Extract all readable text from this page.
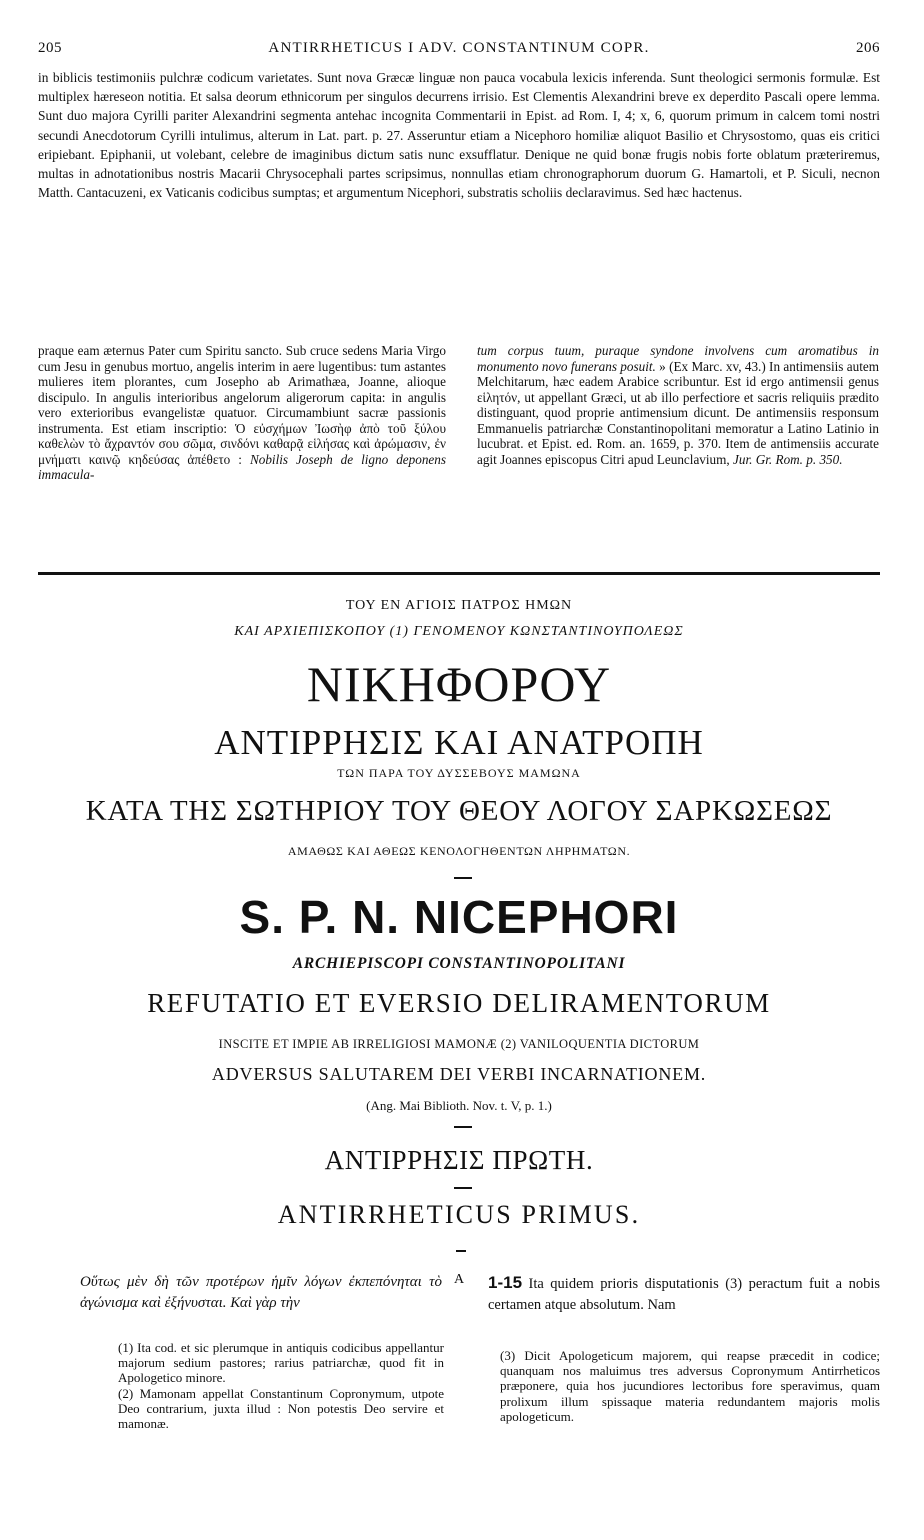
205	ANTIRRHETICUS I ADV. CONSTANTINUM COPR.	206

in biblicis testimoniis pulchræ codicum varietates. Sunt nova Græcæ linguæ non pauca vocabula lexicis inferenda. Sunt theologici sermonis formulæ. Est multiplex hæreseon notitia. Et salsa deorum ethnicorum per singulos decurrens irrisio. Est Clementis Alexandrini breve ex deperdito Pascali opere lemma. Sunt duo majora Cyrilli pariter Alexandrini segmenta antehac incognita Commentarii in Epist. ad Rom. I, 4; x, 6, quorum primum in calcem tomi nostri secundi Anecdotorum Cyrilli intulimus, alterum in Lat. part. p. 27. Asseruntur etiam a Nicephoro homiliæ aliquot Basilio et Chrysostomo, quas eis critici eripiebant. Epiphanii, ut volebant, celebre de imaginibus dictum satis nunc exsufflatur. Denique ne quid bonæ frugis nobis forte oblatum præteriremus, multas in adnotationibus nostris Macarii Chrysocephali partes scripsimus, nonnullas etiam chronographorum duorum G. Hamartoli, et P. Siculi, necnon Matth. Cantacuzeni, ex Vaticanis codicibus sumptas; et argumentum Nicephori, substratis scholiis declaravimus. Sed hæc hactenus.

praque eam æternus Pater cum Spiritu sancto. Sub cruce sedens Maria Virgo cum Jesu in genubus mortuo, angelis interim in aere lugentibus: tum astantes mulieres item plorantes, cum Josepho ab Arimathæa, Joanne, alioque discipulo. In angulis interioribus angelorum aligerorum capita: in angulis vero exterioribus evangelistæ quatuor. Circumambiunt sacræ passionis instrumenta. Est etiam inscriptio: Ὁ εὐσχήμων Ἰωσὴφ ἀπὸ τοῦ ξύλου καθελὼν τὸ ἄχραντόν σου σῶμα, σινδόνι καθαρᾷ εἱλήσας καὶ ἀρώμασιν, ἐν μνήματι καινῷ κηδεύσας ἀπέθετο : Nobilis Joseph de ligno deponens immacula-

tum corpus tuum, puraque syndone involvens cum aromatibus in monumento novo funerans posuit. » (Ex Marc. xv, 43.) In antimensiis autem Melchitarum, hæc eadem Arabice scribuntur. Est id ergo antimensii genus εἱλητόν, ut appellant Græci, ut ab illo perfectiore et sacris reliquiis prædito distinguant, quod proprie antimensium dicunt. De antimensiis responsum Emmanuelis patriarchæ Constantinopolitani memoratur a Latino Latinio in lucubrat. et Epist. ed. Rom. an. 1659, p. 370. Item de antimensiis accurate agit Joannes episcopus Citri apud Leunclavium, Jur. Gr. Rom. p. 350.

ΤΟΥ ΕΝ ΑΓΙΟΙΣ ΠΑΤΡΟΣ ΗΜΩΝ
ΚΑΙ ΑΡΧΙΕΠΙΣΚΟΠΟΥ (1) ΓΕΝΟΜΕΝΟΥ ΚΩΝΣΤΑΝΤΙΝΟΥΠΟΛΕΩΣ
ΝΙΚΗΦΟΡΟΥ
ΑΝΤΙΡΡΗΣΙΣ ΚΑΙ ΑΝΑΤΡΟΠΗ
ΤΩΝ ΠΑΡΑ ΤΟΥ ΔΥΣΣΕΒΟΥΣ ΜΑΜΩΝΑ
ΚΑΤΑ ΤΗΣ ΣΩΤΗΡΙΟΥ ΤΟΥ ΘΕΟΥ ΛΟΓΟΥ ΣΑΡΚΩΣΕΩΣ
ΑΜΑΘΩΣ ΚΑΙ ΑΘΕΩΣ ΚΕΝΟΛΟΓΗΘΕΝΤΩΝ ΛΗΡΗΜΑΤΩΝ.
S. P. N. NICEPHORI
ARCHIEPISCOPI CONSTANTINOPOLITANI
REFUTATIO ET EVERSIO DELIRAMENTORUM
INSCITE ET IMPIE AB IRRELIGIOSI MAMONÆ (2) VANILOQUENTIA DICTORUM
ADVERSUS SALUTAREM DEI VERBI INCARNATIONEM.
(Ang. Mai Biblioth. Nov. t. V, p. 1.)
ΑΝΤΙΡΡΗΣΙΣ ΠΡΩΤΗ.
ANTIRRHETICUS PRIMUS.
Οὕτως μὲν δὴ τῶν προτέρων ἡμῖν λόγων ἐκπεπόνηται τὸ ἀγώνισμα καὶ ἐξήνυσται. Καὶ γὰρ τὴν
A 1-15 Ita quidem prioris disputationis (3) peractum fuit a nobis certamen atque absolutum. Nam

(1) Ita cod. et sic plerumque in antiquis codicibus appellantur majorum sedium pastores; rarius patriarchæ, quod fit in Apologetico minore.

(2) Mamonam appellat Constantinum Copronymum, utpote Deo contrarium, juxta illud : Non potestis Deo servire et mamonæ.

(3) Dicit Apologeticum majorem, qui reapse præcedit in codice; quanquam nos maluimus tres adversus Copronymum Antirrheticos præponere, quia hos jucundiores lectoribus fore speravimus, quam prolixum illum spissaque materia redundantem majoris molis apologeticum.
